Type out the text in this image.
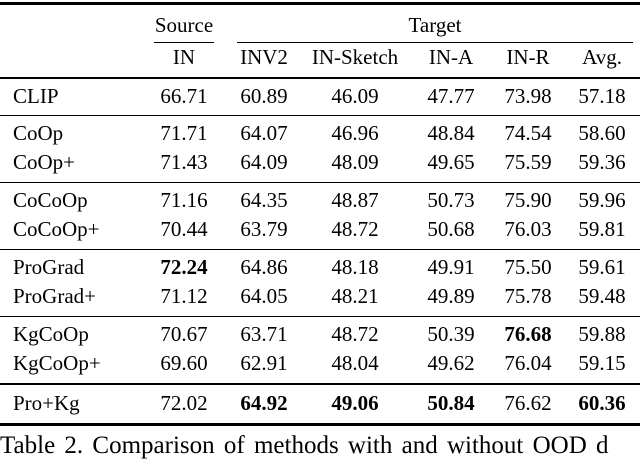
	Source	Target				

	IN	INV2	IN-Sketch	IN-A	IN-R	Avg.
CLIP	66.71	60.89	46.09	47.77	73.98	57.18
CoOp	71.71	64.07	46.96	48.84	74.54	58.60
CoOp+	71.43	64.09	48.09	49.65	75.59	59.36
CoCoOp	71.16	64.35	48.87	50.73	75.90	59.96
CoCoOp+	70.44	63.79	48.72	50.68	76.03	59.81
ProGrad	72.24	64.86	48.18	49.91	75.50	59.61
ProGrad+	71.12	64.05	48.21	49.89	75.78	59.48
KgCoOp	70.67	63.71	48.72	50.39	76.68	59.88
KgCoOp+	69.60	62.91	48.04	49.62	76.04	59.15
Pro+Kg	72.02	64.92	49.06	50.84	76.62	60.36
Table 2. Comparison of methods with and without OOD d
